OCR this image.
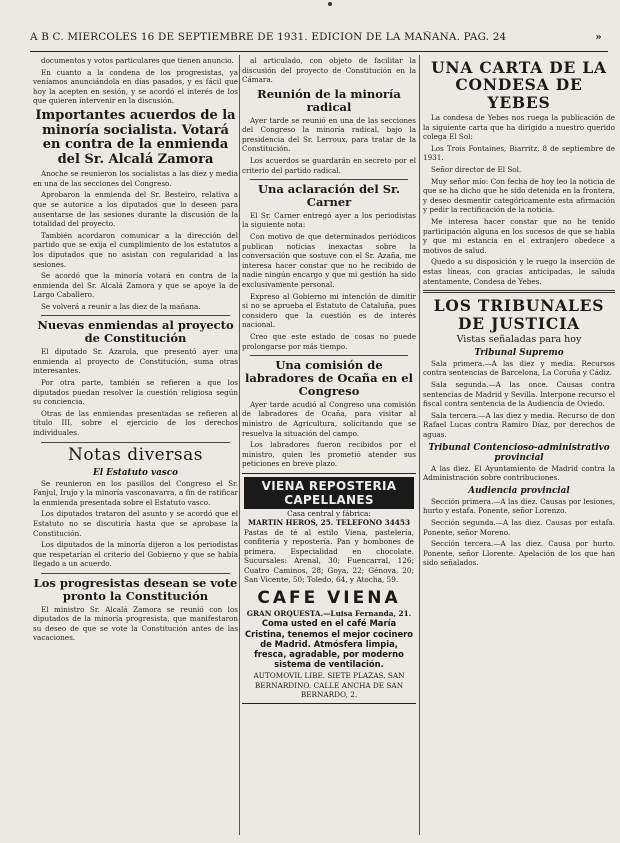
A B C. MIERCOLES 16 DE SEPTIEMBRE DE 1931. EDICION DE LA MAÑANA. PAG. 24	»

documentos y votos particulares que tienen anuncio.

En cuanto a la condena de los progresistas, ya veníamos anunciándola en días pasados, y es fácil que hoy la acepten en sesión, y se acordó el interés de los que quieren intervenir en la discusión.

Importantes acuerdos de la minoría socialista. Votará en contra de la enmienda del Sr. Alcalá Zamora

Anoche se reunieron los socialistas a las diez y media en una de las secciones del Congreso.

Aprobaron la enmienda del Sr. Besteiro, relativa a que se autorice a los diputados que lo deseen para ausentarse de las sesiones durante la discusión de la totalidad del proyecto.

También acordaron comunicar a la dirección del partido que se exija el cumplimiento de los estatutos a los diputados que no asistan con regularidad a las sesiones.

Se acordó que la minoría votará en contra de la enmienda del Sr. Alcalá Zamora y que se apoye la de Largo Caballero.

Se volverá a reunir a las diez de la mañana.

Nuevas enmiendas al proyecto de Constitución

El diputado Sr. Azarola, que presentó ayer una enmienda al proyecto de Constitución, suma otras interesantes.

Por otra parte, también se refieren a que los diputados puedan resolver la cuestión religiosa según su conciencia.

Otras de las enmiendas presentadas se refieren al título III, sobre el ejercicio de los derechos individuales.

Notas diversas
El Estatuto vasco

Se reunieron en los pasillos del Congreso el Sr. Fanjul, Irujo y la minoría vasconavarra, a fin de ratificar la enmienda presentada sobre el Estatuto vasco.

Los diputados trataron del asunto y se acordó que el Estatuto no se discutiría hasta que se aprobase la Constitución.

Los diputados de la minoría dijeron a los periodistas que respetarían el criterio del Gobierno y que se había llegado a un acuerdo.

Los progresistas desean se vote pronto la Constitución

El ministro Sr. Alcalá Zamora se reunió con los diputados de la minoría progresista, que manifestaron su deseo de que se vote la Constitución antes de las vacaciones.

al articulado, con objeto de facilitar la discusión del proyecto de Constitución en la Cámara.

Reunión de la minoría radical

Ayer tarde se reunió en una de las secciones del Congreso la minoría radical, bajo la presidencia del Sr. Lerroux, para tratar de la Constitución.

Los acuerdos se guardarán en secreto por el criterio del partido radical.

Una aclaración del Sr. Carner

El Sr. Carner entregó ayer a los periodistas la siguiente nota:

Con motivo de que determinados periódicos publican noticias inexactas sobre la conversación que sostuve con el Sr. Azaña, me interesa hacer constar que no he recibido de nadie ningún encargo y que mi gestión ha sido exclusivamente personal.

Expreso al Gobierno mi intención de dimitir si no se aprueba el Estatuto de Cataluña, pues considero que la cuestión es de interés nacional.

Creo que este estado de cosas no puede prolongarse por más tiempo.

Una comisión de labradores de Ocaña en el Congreso

Ayer tarde acudió al Congreso una comisión de labradores de Ocaña, para visitar al ministro de Agricultura, solicitando que se resuelva la situación del campo.

Los labradores fueron recibidos por el ministro, quien les prometió atender sus peticiones en breve plazo.

VIENA REPOSTERIA CAPELLANES
Casa central y fábrica:
MARTIN HEROS, 25. TELEFONO 34453
Pastas de té al estilo Viena, pastelería, confitería y repostería. Pan y bombones de primera. Especialidad en chocolate. Sucursales: Arenal, 30; Fuencarral, 126; Cuatro Caminos, 28; Goya, 22; Génova, 20; San Vicente, 50; Toledo, 64, y Atocha, 59.
CAFE VIENA
GRAN ORQUESTA.—Luisa Fernanda, 21.
Coma usted en el café María Cristina, tenemos el mejor cocinero de Madrid. Atmósfera limpia, fresca, agradable, por moderno sistema de ventilación.
AUTOMOVIL LIBE. SIETE PLAZAS. SAN BERNARDINO. CALLE ANCHA DE SAN BERNARDO, 2.
UNA CARTA DE LA CONDESA DE YEBES

La condesa de Yebes nos ruega la publicación de la siguiente carta que ha dirigido a nuestro querido colega El Sol:

Los Trois Fontaines, Biarritz, 8 de septiembre de 1931.

Señor director de El Sol.

Muy señor mío: Con fecha de hoy leo la noticia de que se ha dicho que he sido detenida en la frontera, y deseo desmentir categóricamente esta afirmación y pedir la rectificación de la noticia.

Me interesa hacer constar que no he tenido participación alguna en los sucesos de que se habla y que mi estancia en el extranjero obedece a motivos de salud.

Quedo a su disposición y le ruego la inserción de estas líneas, con gracias anticipadas, le saluda atentamente, Condesa de Yebes.

LOS TRIBUNALES DE JUSTICIA
Vistas señaladas para hoy
Tribunal Supremo

Sala primera.—A las diez y media. Recursos contra sentencias de Barcelona, La Coruña y Cádiz.

Sala segunda.—A las once. Causas contra sentencias de Madrid y Sevilla. Interpone recurso el fiscal contra sentencia de la Audiencia de Oviedo.

Sala tercera.—A las diez y media. Recurso de don Rafael Lucas contra Ramiro Díaz, por derechos de aguas.

Tribunal Contencioso-administrativo provincial

A las diez. El Ayuntamiento de Madrid contra la Administración sobre contribuciones.

Audiencia provincial

Sección primera.—A las diez. Causas por lesiones, hurto y estafa. Ponente, señor Lorenzo.

Sección segunda.—A las diez. Causas por estafa. Ponente, señor Moreno.

Sección tercera.—A las diez. Causa por hurto. Ponente, señor Llorente. Apelación de los que han sido señalados.
